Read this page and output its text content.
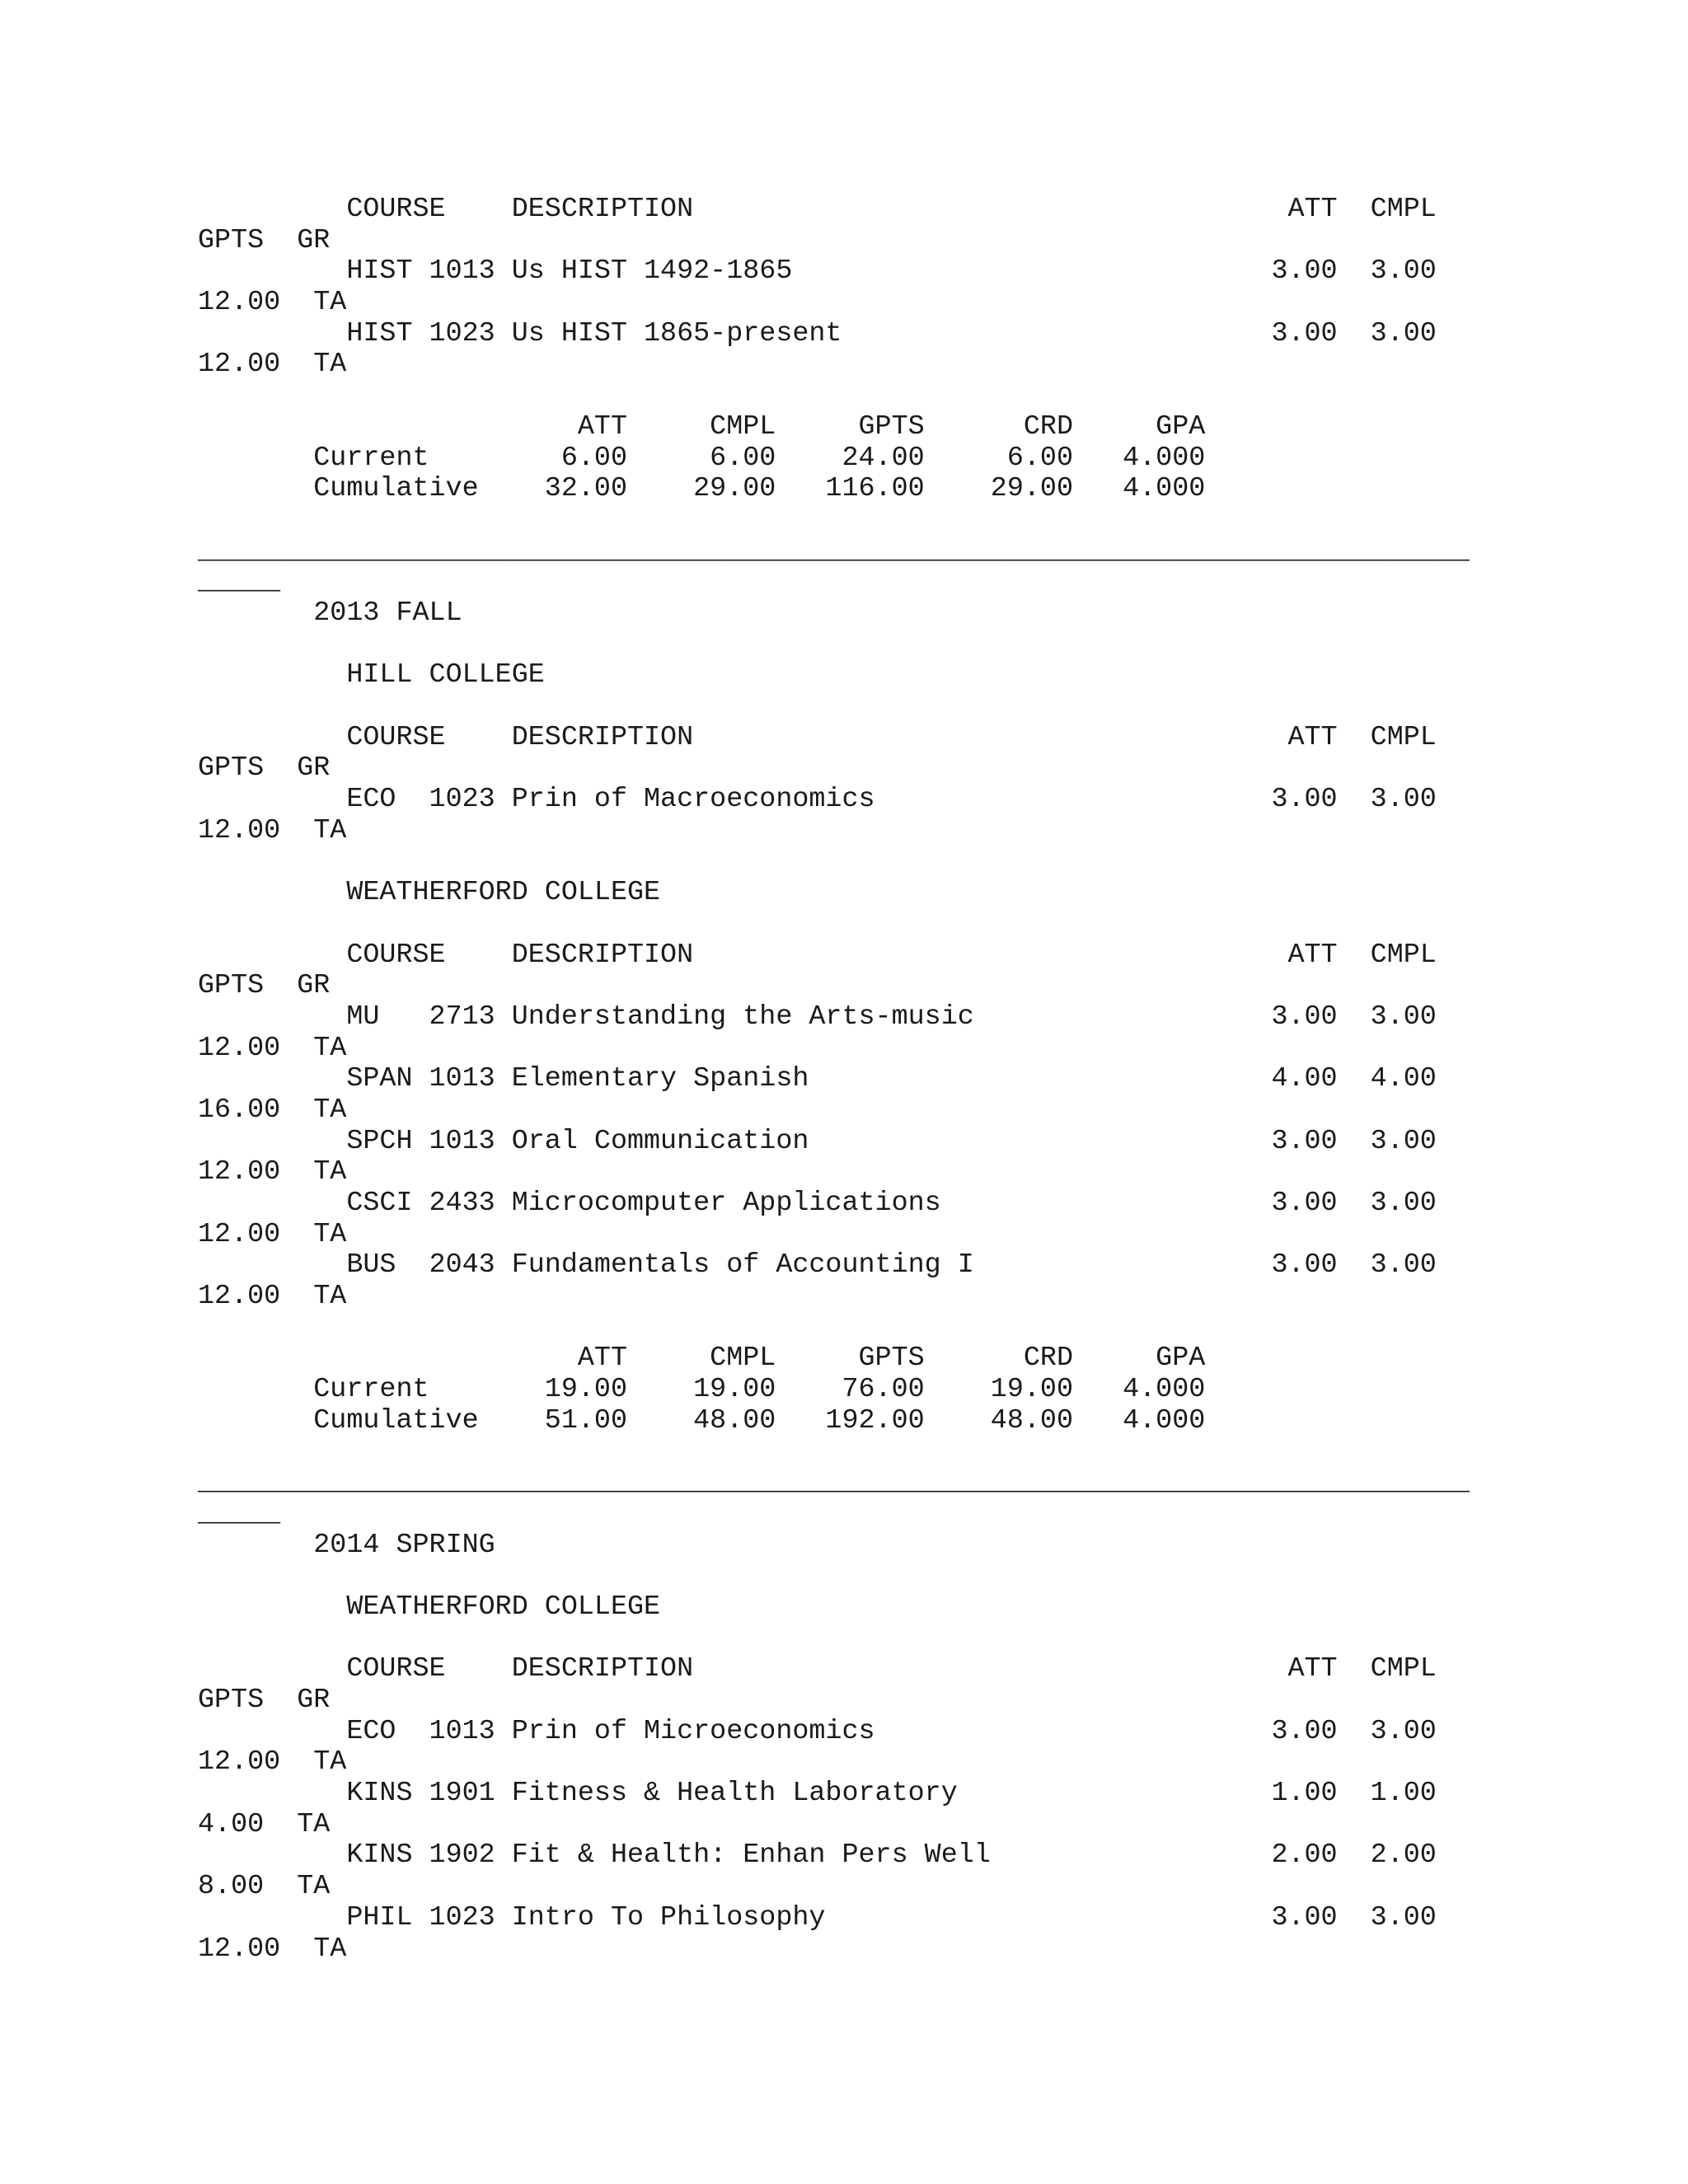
COURSE    DESCRIPTION                                    ATT  CMPL
GPTS  GR
HIST 1013 Us HIST 1492-1865                             3.00  3.00
12.00  TA
HIST 1023 Us HIST 1865-present                          3.00  3.00
12.00  TA
ATT     CMPL     GPTS      CRD     GPA
Current        6.00     6.00    24.00     6.00   4.000
Cumulative    32.00    29.00   116.00    29.00   4.000
_____________________________________________________________________________
_____
2013 FALL
HILL COLLEGE
COURSE    DESCRIPTION                                    ATT  CMPL
GPTS  GR
ECO  1023 Prin of Macroeconomics                        3.00  3.00
12.00  TA
WEATHERFORD COLLEGE
COURSE    DESCRIPTION                                    ATT  CMPL
GPTS  GR
MU   2713 Understanding the Arts-music                  3.00  3.00
12.00  TA
SPAN 1013 Elementary Spanish                            4.00  4.00
16.00  TA
SPCH 1013 Oral Communication                            3.00  3.00
12.00  TA
CSCI 2433 Microcomputer Applications                    3.00  3.00
12.00  TA
BUS  2043 Fundamentals of Accounting I                  3.00  3.00
12.00  TA
ATT     CMPL     GPTS      CRD     GPA
Current       19.00    19.00    76.00    19.00   4.000
Cumulative    51.00    48.00   192.00    48.00   4.000
_____________________________________________________________________________
_____
2014 SPRING
WEATHERFORD COLLEGE
COURSE    DESCRIPTION                                    ATT  CMPL
GPTS  GR
ECO  1013 Prin of Microeconomics                        3.00  3.00
12.00  TA
KINS 1901 Fitness & Health Laboratory                   1.00  1.00
4.00  TA
KINS 1902 Fit & Health: Enhan Pers Well                 2.00  2.00
8.00  TA
PHIL 1023 Intro To Philosophy                           3.00  3.00
12.00  TA
